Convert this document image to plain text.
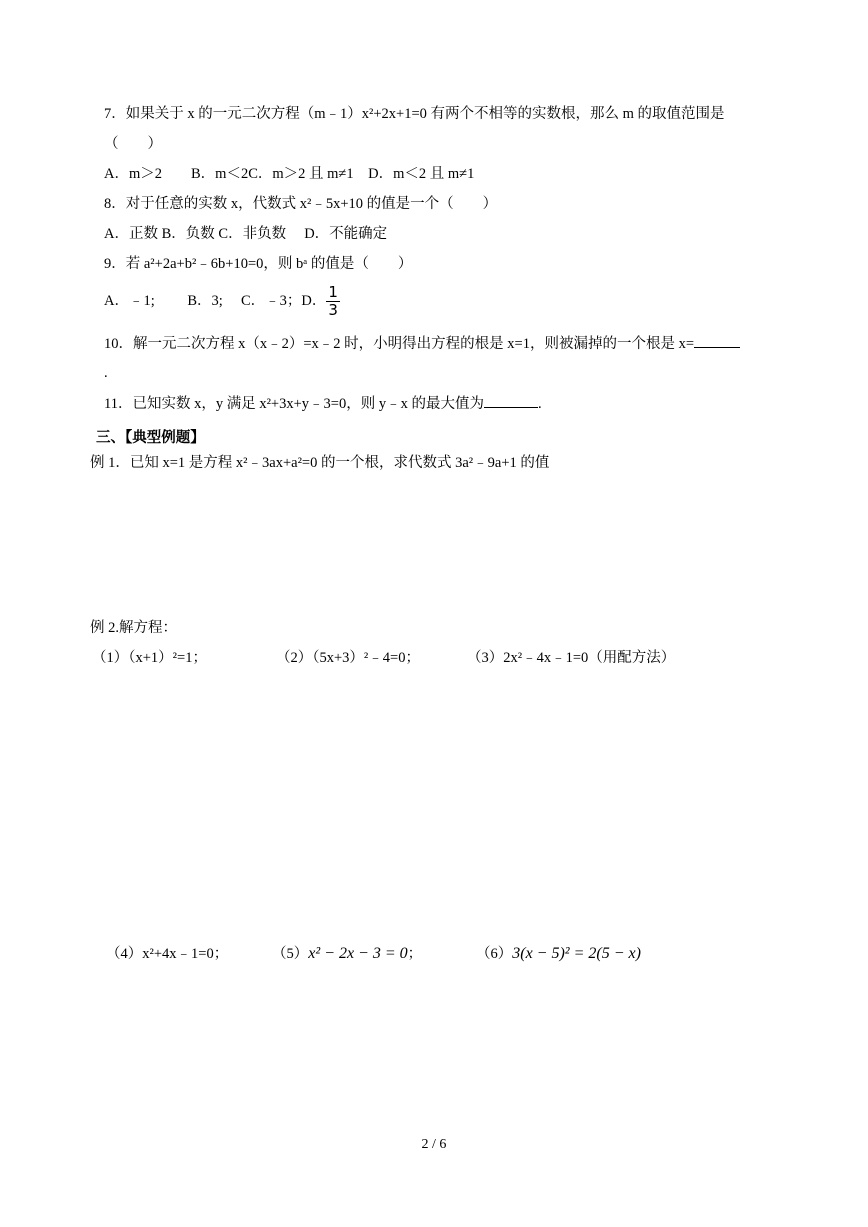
7．如果关于 x 的一元二次方程（m﹣1）x²+2x+1=0 有两个不相等的实数根，那么 m 的取值范围是
（　　）
A．m＞2　　B．m＜2C．m＞2 且 m≠1　D．m＜2 且 m≠1
8．对于任意的实数 x，代数式 x²﹣5x+10 的值是一个（　　）
A．正数 B．负数 C．非负数　 D．不能确定
9．若 a²+2a+b²﹣6b+10=0，则 bᵃ 的值是（　　）
A．﹣1;　　 B．3;　 C．﹣3；D． $\frac{1}{3}$
10．解一元二次方程 x（x﹣2）=x﹣2 时，小明得出方程的根是 x=1，则被漏掉的一个根是 x=
.
11．已知实数 x，y 满足 x²+3x+y﹣3=0，则 y﹣x 的最大值为	.
三、【典型例题】
例 1．已知 x=1 是方程 x²﹣3ax+a²=0 的一个根，求代数式 3a²﹣9a+1 的值
例 2.解方程：
（1）（x+1）²=1；	（2）（5x+3）²﹣4=0；	（3）2x²﹣4x﹣1=0（用配方法）
（4）x²+4x﹣1=0；	（5）x² − 2x − 3 = 0；	（6）3(x − 5)² = 2(5 − x)
2 / 6
